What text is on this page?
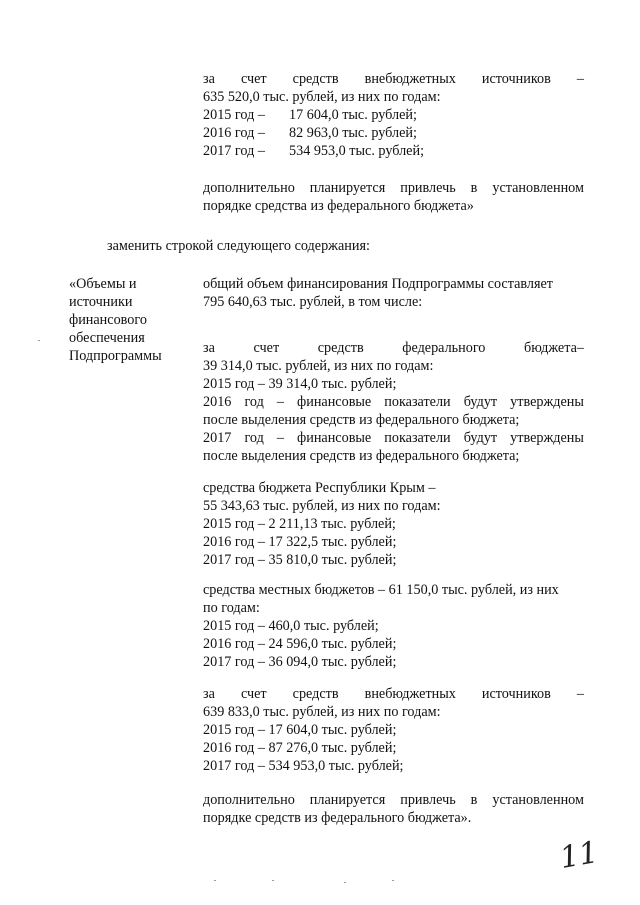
за счет средств внебюджетных источников –
635 520,0 тыс. рублей, из них по годам:
2015 год – 17 604,0 тыс. рублей;
2016 год – 82 963,0 тыс. рублей;
2017 год – 534 953,0 тыс. рублей;
дополнительно планируется привлечь в установленном
порядке средства из федерального бюджета»
заменить строкой следующего содержания:
«Объемы и
источники
финансового
обеспечения
Подпрограммы
общий объем финансирования Подпрограммы составляет
795 640,63 тыс. рублей, в том числе:
за	счет	средств	федерального	бюджета–
39 314,0 тыс. рублей, из них по годам:
2015 год – 39 314,0 тыс. рублей;
2016 год – финансовые показатели будут утверждены
после выделения средств из федерального бюджета;
2017 год – финансовые показатели будут утверждены
после выделения средств из федерального бюджета;
средства бюджета Республики Крым –
55 343,63 тыс. рублей, из них по годам:
2015 год – 2 211,13 тыс. рублей;
2016 год – 17 322,5 тыс. рублей;
2017 год – 35 810,0 тыс. рублей;
средства местных бюджетов – 61 150,0 тыс. рублей, из них
по годам:
2015 год – 460,0 тыс. рублей;
2016 год – 24 596,0 тыс. рублей;
2017 год – 36 094,0 тыс. рублей;
за счет средств внебюджетных источников –
639 833,0 тыс. рублей, из них по годам:
2015 год – 17 604,0 тыс. рублей;
2016 год – 87 276,0 тыс. рублей;
2017 год – 534 953,0 тыс. рублей;
дополнительно планируется привлечь в установленном
порядке средств из федерального бюджета».
11
